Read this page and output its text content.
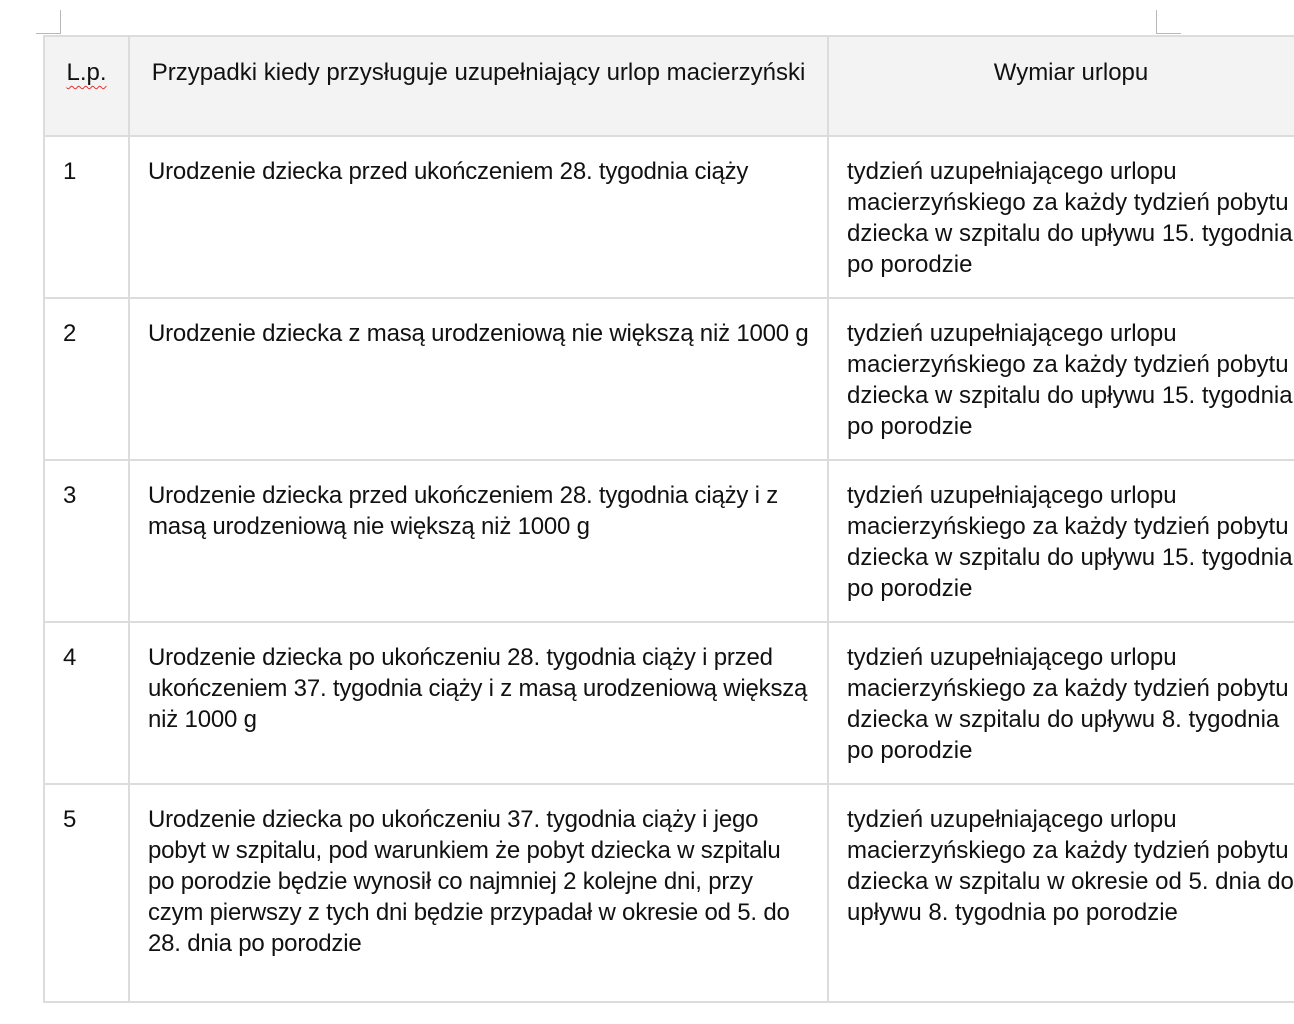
L.p.	Przypadki kiedy przysługuje uzupełniający urlop macierzyński	Wymiar urlopu
1	Urodzenie dziecka przed ukończeniem 28. tygodnia ciąży	tydzień uzupełniającego urlopu macierzyńskiego za każdy tydzień pobytu dziecka w szpitalu do upływu 15. tygodnia po porodzie
2	Urodzenie dziecka z masą urodzeniową nie większą niż 1000 g	tydzień uzupełniającego urlopu macierzyńskiego za każdy tydzień pobytu dziecka w szpitalu do upływu 15. tygodnia po porodzie
3	Urodzenie dziecka przed ukończeniem 28. tygodnia ciąży i z masą urodzeniową nie większą niż 1000 g	tydzień uzupełniającego urlopu macierzyńskiego za każdy tydzień pobytu dziecka w szpitalu do upływu 15. tygodnia po porodzie
4	Urodzenie dziecka po ukończeniu 28. tygodnia ciąży i przed ukończeniem 37. tygodnia ciąży i z masą urodzeniową większą niż 1000 g	tydzień uzupełniającego urlopu macierzyńskiego za każdy tydzień pobytu dziecka w szpitalu do upływu 8. tygodnia po porodzie
5	Urodzenie dziecka po ukończeniu 37. tygodnia ciąży i jego pobyt w szpitalu, pod warunkiem że pobyt dziecka w szpitalu po porodzie będzie wynosił co najmniej 2 kolejne dni, przy czym pierwszy z tych dni będzie przypadał w okresie od 5. do 28. dnia po porodzie	tydzień uzupełniającego urlopu macierzyńskiego za każdy tydzień pobytu dziecka w szpitalu w okresie od 5. dnia do upływu 8. tygodnia po porodzie
